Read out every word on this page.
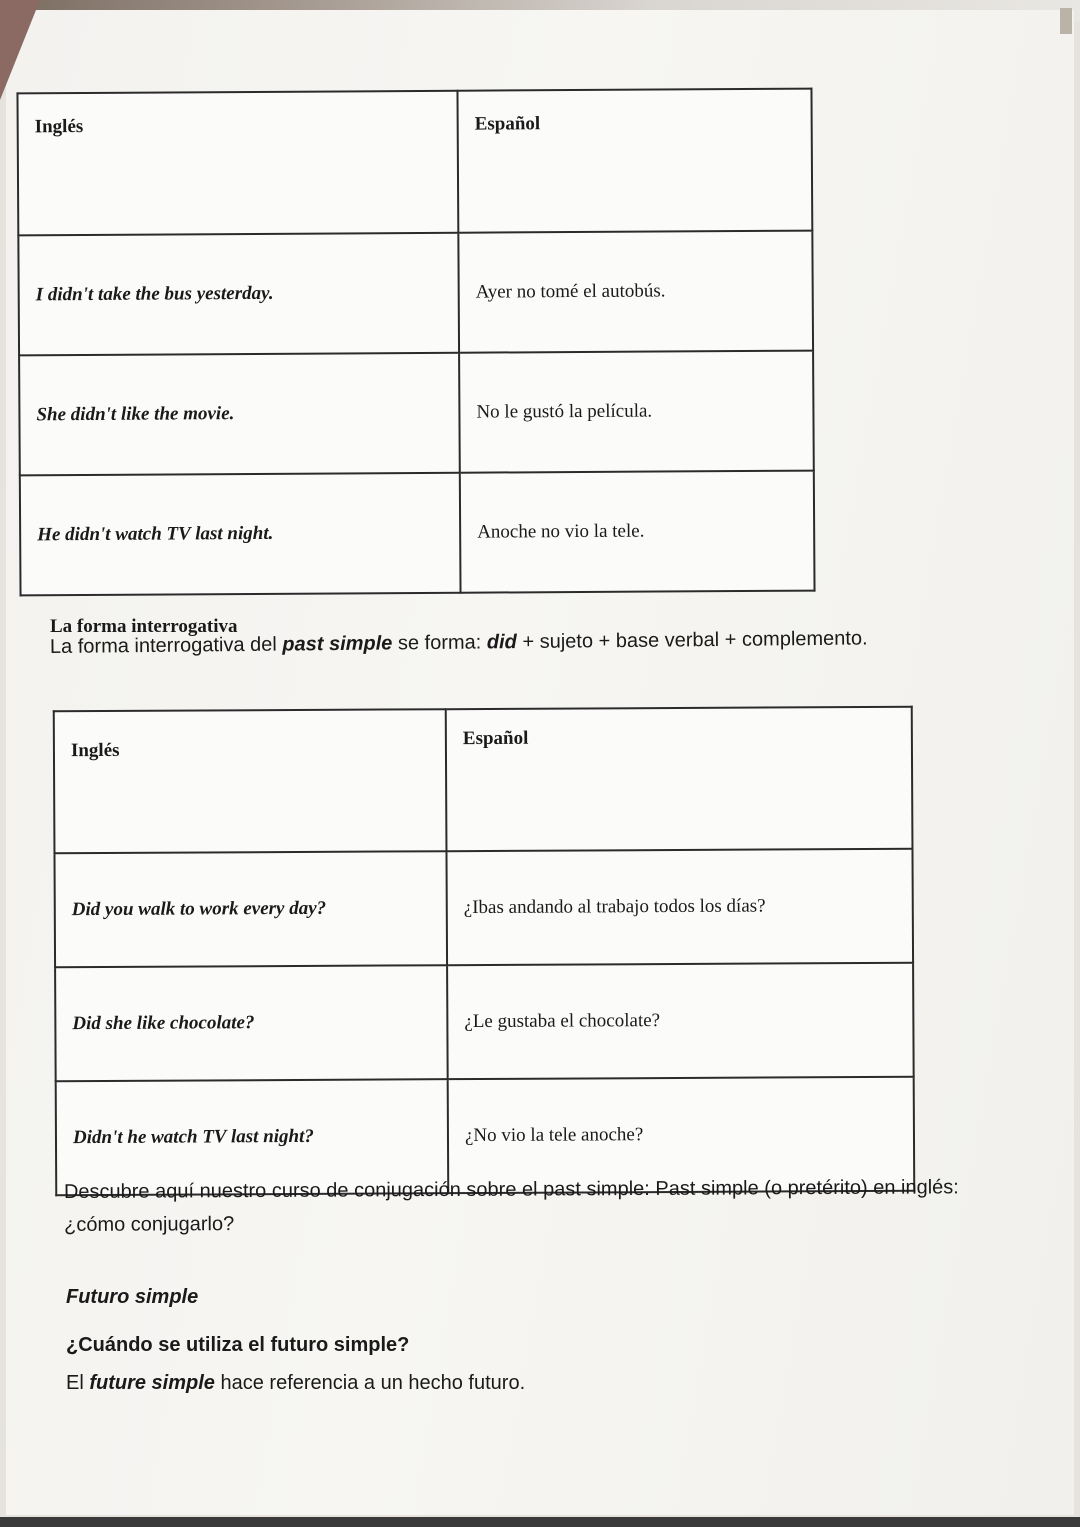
Inglés	Español
I didn't take the bus yesterday.	Ayer no tomé el autobús.
She didn't like the movie.	No le gustó la película.
He didn't watch TV last night.	Anoche no vio la tele.
La forma interrogativa
La forma interrogativa del past simple se forma: did + sujeto + base verbal + complemento.
Inglés	Español
Did you walk to work every day?	¿Ibas andando al trabajo todos los días?
Did she like chocolate?	¿Le gustaba el chocolate?
Didn't he watch TV last night?	¿No vio la tele anoche?
Descubre aquí nuestro curso de conjugación sobre el past simple: Past simple (o pretérito) en inglés: ¿cómo conjugarlo?
Futuro simple
¿Cuándo se utiliza el futuro simple?
El future simple hace referencia a un hecho futuro.
